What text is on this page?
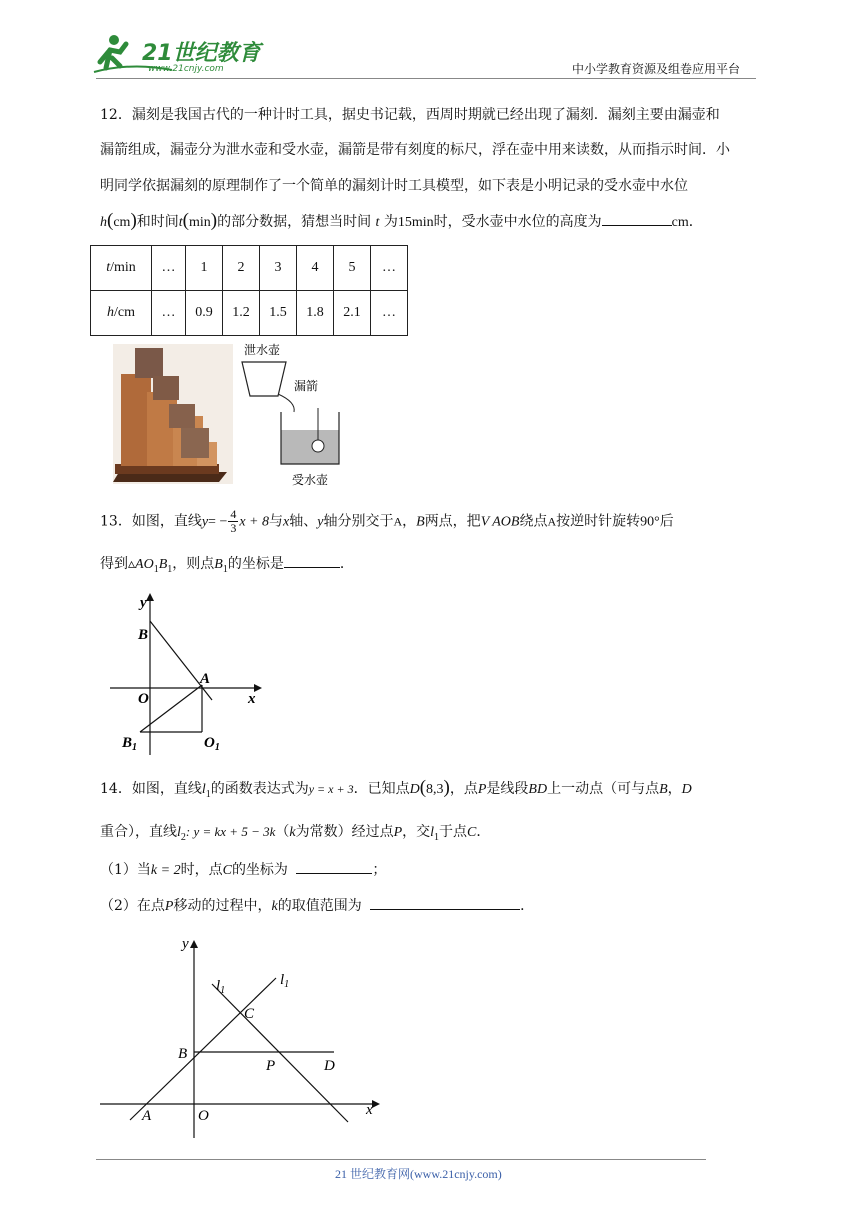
21世纪教育
www.21cnjy.com	中小学教育资源及组卷应用平台
12．漏刻是我国古代的一种计时工具，据史书记载，西周时期就已经出现了漏刻．漏刻主要由漏壶和
漏箭组成，漏壶分为泄水壶和受水壶，漏箭是带有刻度的标尺，浮在壶中用来读数，从而指示时间．小
明同学依据漏刻的原理制作了一个简单的漏刻计时工具模型，如下表是小明记录的受水壶中水位
h(cm)和时间t(min)的部分数据，猜想当时间 t 为15min时，受水壶中水位的高度为	cm．
t/min	…	1	2	3	4	5	…
h/cm	…	0.9	1.2	1.5	1.8	2.1	…
泄水壶
漏箭
受水壶
13．如图，直线$y= - \frac{4}{3}$ x + 8与x轴、y轴分别交于A，B两点，把V AOB绕点A按逆时针旋转90°后
得到$▵AO_1B_1$，则点$B_1$的坐标是	．
y
x
B
A
O
$B_1$	$O_1$
14．如图，直线$l_1$的函数表达式为y = x + 3．已知点D(8,3)，点P是线段BD上一动点（可与点B，D
重合），直线$l_2$: y = kx + 5 − 3k（k为常数）经过点P，交$l_1$于点C．
（1）当k = 2时，点C的坐标为	；
（2）在点P移动的过程中，k的取值范围为	．
y
x
$l_1$
$l_1$
C
B
P	D
A	O
21 世纪教育网(www.21cnjy.com)
